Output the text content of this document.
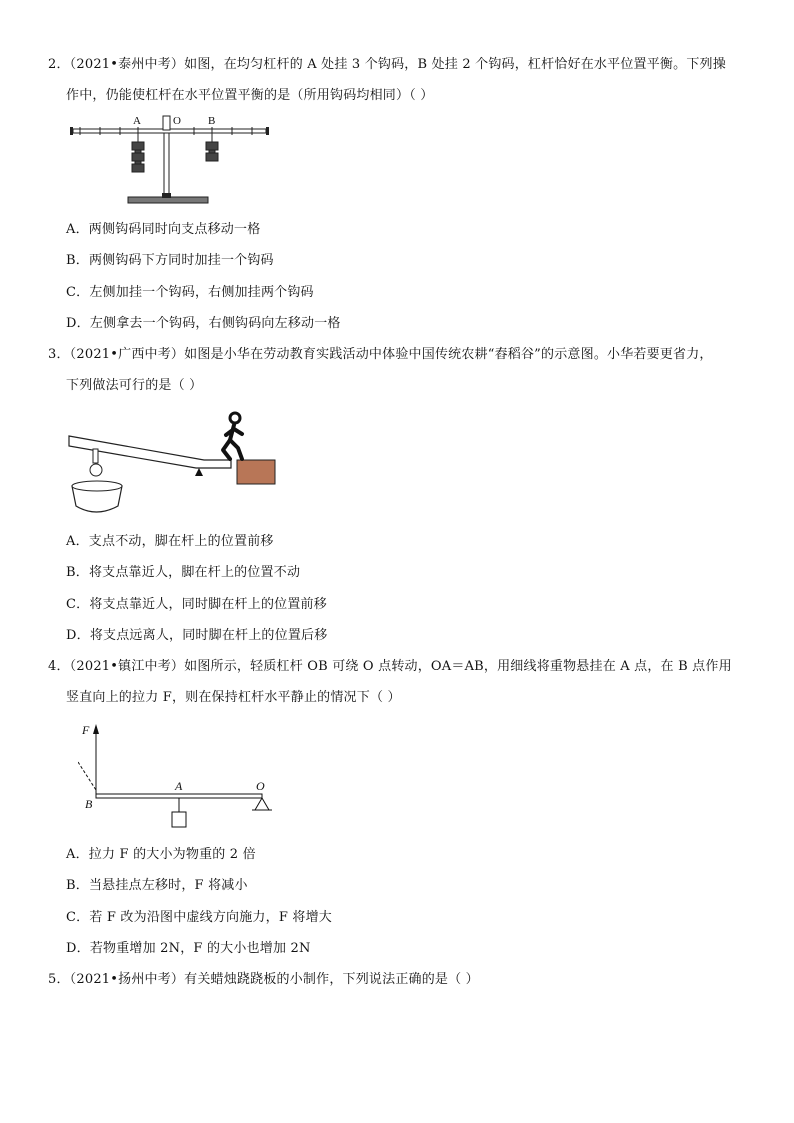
2．（2021•泰州中考）如图，在均匀杠杆的 A 处挂 3 个钩码，B 处挂 2 个钩码，杠杆恰好在水平位置平衡。下列操
作中，仍能使杠杆在水平位置平衡的是（所用钩码均相同）（ ）
A	O B
A．两侧钩码同时向支点移动一格
B．两侧钩码下方同时加挂一个钩码
C．左侧加挂一个钩码，右侧加挂两个钩码
D．左侧拿去一个钩码，右侧钩码向左移动一格
3．（2021•广西中考）如图是小华在劳动教育实践活动中体验中国传统农耕“舂稻谷”的示意图。小华若要更省力，
下列做法可行的是（ ）
A．支点不动，脚在杆上的位置前移
B．将支点靠近人，脚在杆上的位置不动
C．将支点靠近人，同时脚在杆上的位置前移
D．将支点远离人，同时脚在杆上的位置后移
4．（2021•镇江中考）如图所示，轻质杠杆 OB 可绕 O 点转动，OA＝AB，用细线将重物悬挂在 A 点，在 B 点作用
竖直向上的拉力 F，则在保持杠杆水平静止的情况下（ ）
F
A	O
B
A．拉力 F 的大小为物重的 2 倍
B．当悬挂点左移时，F 将减小
C．若 F 改为沿图中虚线方向施力，F 将增大
D．若物重增加 2N，F 的大小也增加 2N
5．（2021•扬州中考）有关蜡烛跷跷板的小制作，下列说法正确的是（ ）
